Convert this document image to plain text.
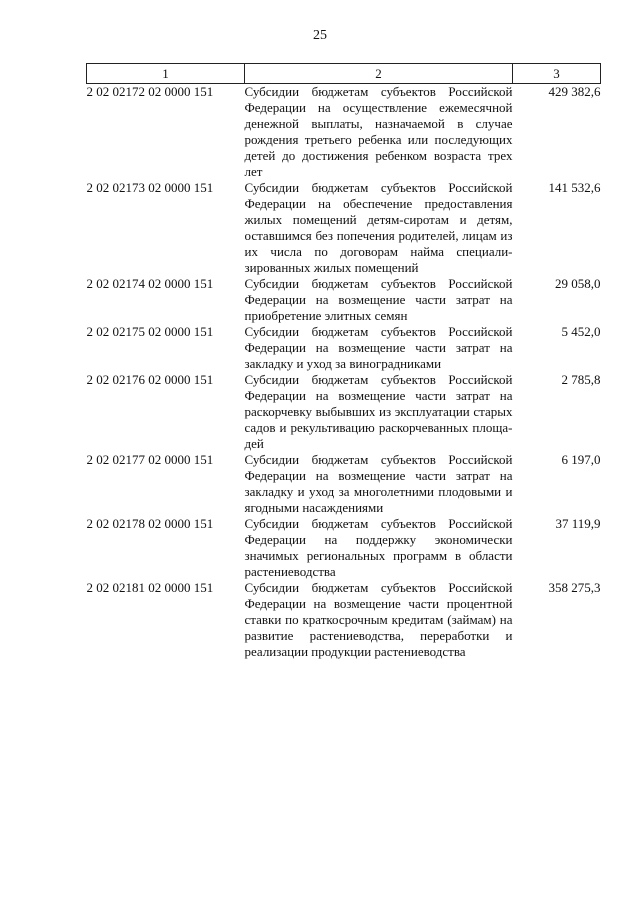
25
1	2	3
2 02 02172 02 0000 151	Субсидии бюджетам субъектов Российской Федерации на осуществление ежемесячной денежной выплаты, назначаемой в случае рождения третьего ребенка или последующих детей до достижения ребенком возраста трех лет	429 382,6
2 02 02173 02 0000 151	Субсидии бюджетам субъектов Российской Федерации на обеспечение предоставления жилых помещений детям-сиротам и детям, оставшимся без попечения родителей, лицам из их числа по договорам найма специализированных жилых помещений	141 532,6
2 02 02174 02 0000 151	Субсидии бюджетам субъектов Российской Федерации на возмещение части затрат на приобретение элитных семян	29 058,0
2 02 02175 02 0000 151	Субсидии бюджетам субъектов Российской Федерации на возмещение части затрат на закладку и уход за виноградниками	5 452,0
2 02 02176 02 0000 151	Субсидии бюджетам субъектов Российской Федерации на возмещение части затрат на раскорчевку выбывших из эксплуатации старых садов и рекультивацию раскорчеванных площадей	2 785,8
2 02 02177 02 0000 151	Субсидии бюджетам субъектов Российской Федерации на возмещение части затрат на закладку и уход за многолетними плодовыми и ягодными насаждениями	6 197,0
2 02 02178 02 0000 151	Субсидии бюджетам субъектов Российской Федерации на поддержку экономически значимых региональных программ в области растениеводства	37 119,9
2 02 02181 02 0000 151	Субсидии бюджетам субъектов Российской Федерации на возмещение части процентной ставки по краткосрочным кредитам (займам) на развитие растениеводства, переработки и реализации продукции растениеводства	358 275,3
